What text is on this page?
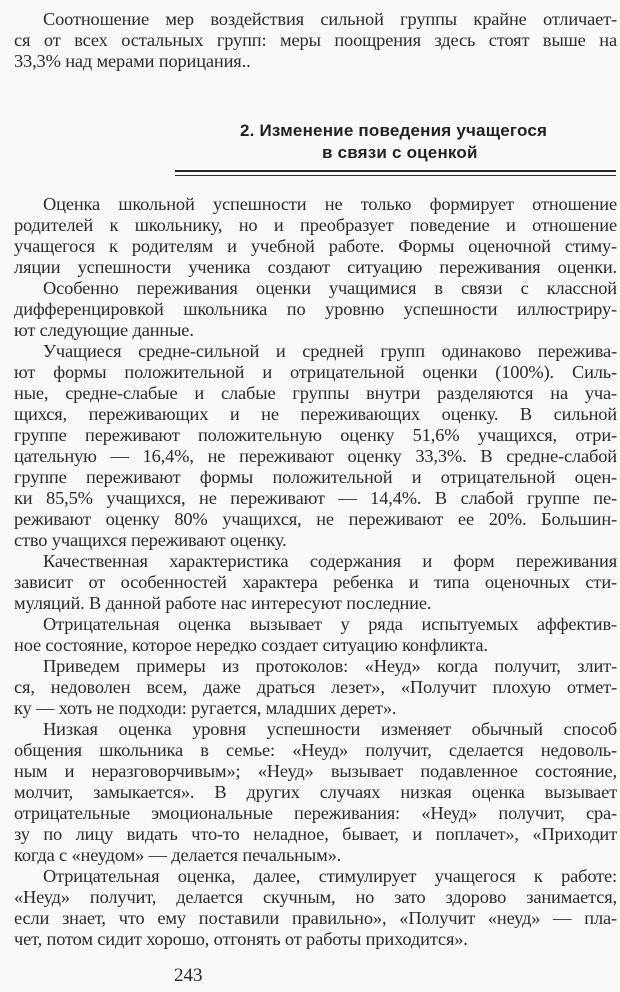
Соотношение мер воздействия сильной группы крайне отличает-
ся от всех остальных групп: меры поощрения здесь стоят выше на
33,3% над мерами порицания..
2. Изменение поведения учащегося
в связи с оценкой
Оценка школьной успешности не только формирует отношение
родителей к школьнику, но и преобразует поведение и отношение
учащегося к родителям и учебной работе. Формы оценочной стиму-
ляции успешности ученика создают ситуацию переживания оценки.
Особенно переживания оценки учащимися в связи с классной
дифференцировкой школьника по уровню успешности иллюстриру-
ют следующие данные.
Учащиеся средне-сильной и средней групп одинаково пережива-
ют формы положительной и отрицательной оценки (100%). Силь-
ные, средне-слабые и слабые группы внутри разделяются на уча-
щихся, переживающих и не переживающих оценку. В сильной
группе переживают положительную оценку 51,6% учащихся, отри-
цательную — 16,4%, не переживают оценку 33,3%. В средне-слабой
группе переживают формы положительной и отрицательной оцен-
ки 85,5% учащихся, не переживают — 14,4%. В слабой группе пе-
реживают оценку 80% учащихся, не переживают ее 20%. Большин-
ство учащихся переживают оценку.
Качественная характеристика содержания и форм переживания
зависит от особенностей характера ребенка и типа оценочных сти-
муляций. В данной работе нас интересуют последние.
Отрицательная оценка вызывает у ряда испытуемых аффектив-
ное состояние, которое нередко создает ситуацию конфликта.
Приведем примеры из протоколов: «Неуд» когда получит, злит-
ся, недоволен всем, даже драться лезет», «Получит плохую отмет-
ку — хоть не подходи: ругается, младших дерет».
Низкая оценка уровня успешности изменяет обычный способ
общения школьника в семье: «Неуд» получит, сделается недоволь-
ным и неразговорчивым»; «Неуд» вызывает подавленное состояние,
молчит, замыкается». В других случаях низкая оценка вызывает
отрицательные эмоциональные переживания: «Неуд» получит, сра-
зу по лицу видать что-то неладное, бывает, и поплачет», «Приходит
когда с «неудом» — делается печальным».
Отрицательная оценка, далее, стимулирует учащегося к работе:
«Неуд» получит, делается скучным, но зато здорово занимается,
если знает, что ему поставили правильно», «Получит «неуд» — пла-
чет, потом сидит хорошо, отгонять от работы приходится».
243
